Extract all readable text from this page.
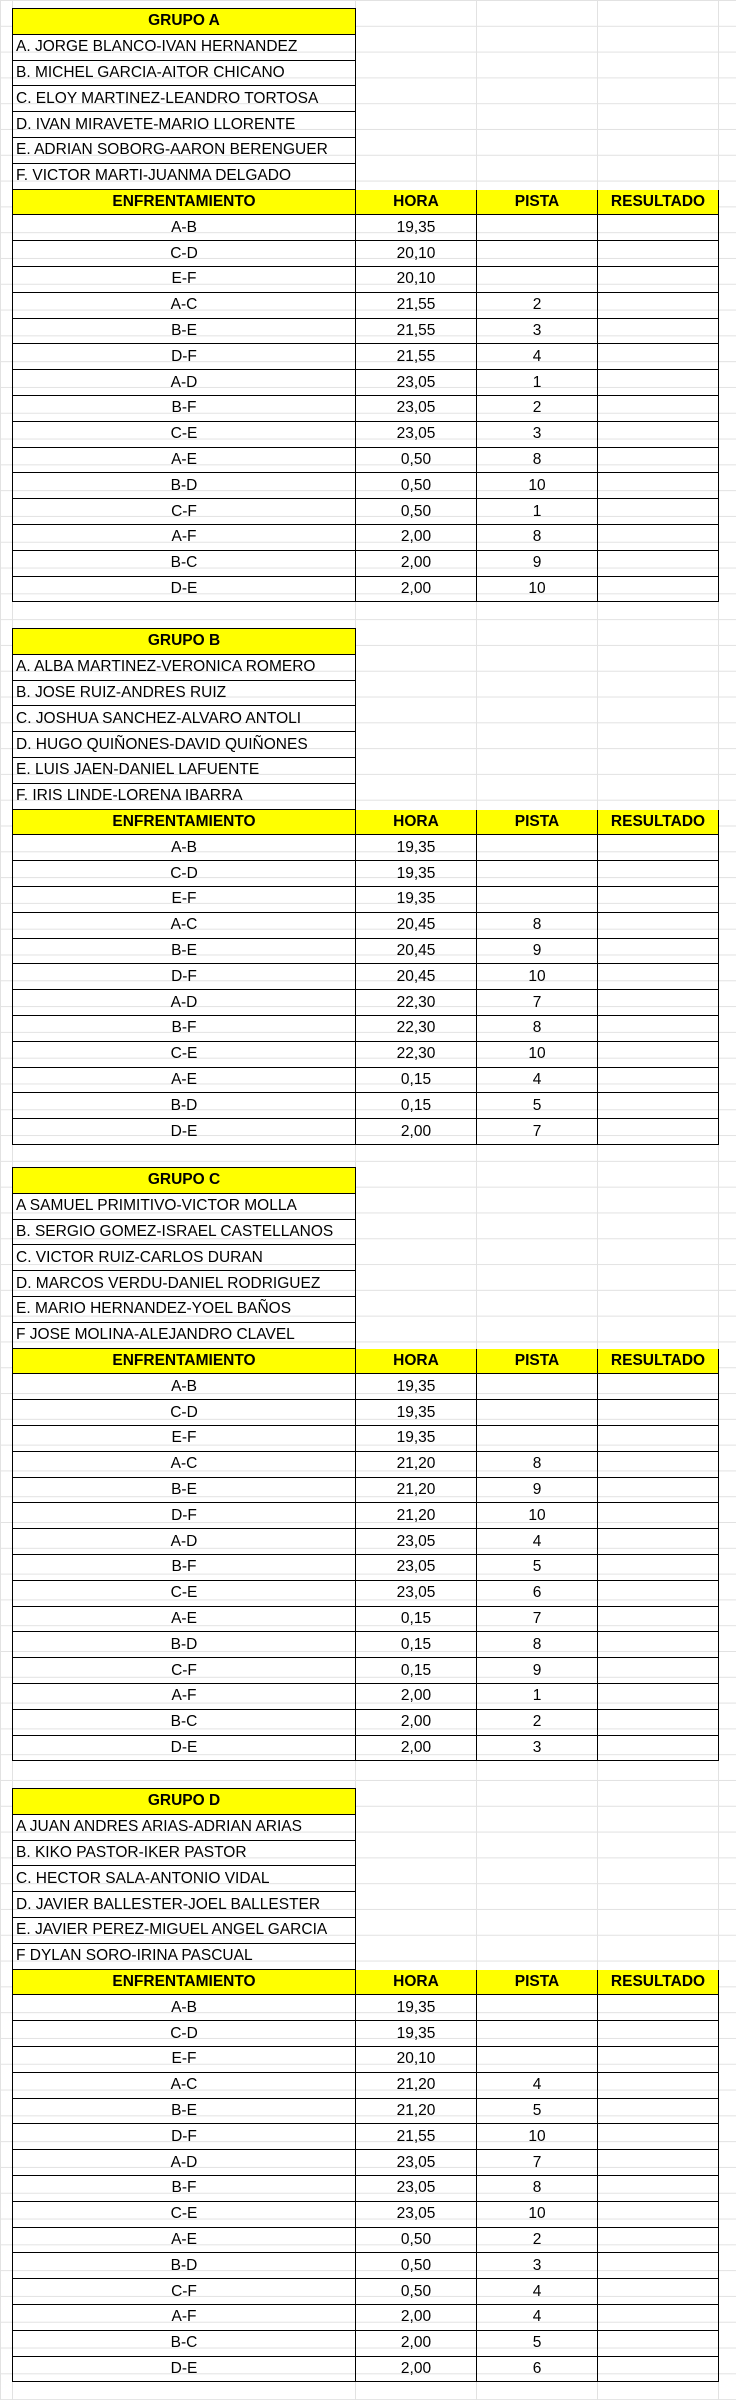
GRUPO A			
A. JORGE BLANCO-IVAN HERNANDEZ			
B. MICHEL GARCIA-AITOR CHICANO			
C. ELOY MARTINEZ-LEANDRO TORTOSA			
D. IVAN MIRAVETE-MARIO LLORENTE			
E. ADRIAN SOBORG-AARON BERENGUER			
F. VICTOR MARTI-JUANMA DELGADO			
ENFRENTAMIENTO	HORA	PISTA	RESULTADO
A-B	19,35		
C-D	20,10		
E-F	20,10		
A-C	21,55	2	
B-E	21,55	3	
D-F	21,55	4	
A-D	23,05	1	
B-F	23,05	2	
C-E	23,05	3	
A-E	0,50	8	
B-D	0,50	10	
C-F	0,50	1	
A-F	2,00	8	
B-C	2,00	9	
D-E	2,00	10	
GRUPO B			
A. ALBA MARTINEZ-VERONICA ROMERO			
B. JOSE RUIZ-ANDRES RUIZ			
C. JOSHUA SANCHEZ-ALVARO ANTOLI			
D. HUGO QUIÑONES-DAVID QUIÑONES			
E. LUIS JAEN-DANIEL LAFUENTE			
F. IRIS LINDE-LORENA IBARRA			
ENFRENTAMIENTO	HORA	PISTA	RESULTADO
A-B	19,35		
C-D	19,35		
E-F	19,35		
A-C	20,45	8	
B-E	20,45	9	
D-F	20,45	10	
A-D	22,30	7	
B-F	22,30	8	
C-E	22,30	10	
A-E	0,15	4	
B-D	0,15	5	
D-E	2,00	7	
GRUPO C			
A SAMUEL PRIMITIVO-VICTOR MOLLA			
B. SERGIO GOMEZ-ISRAEL CASTELLANOS			
C. VICTOR RUIZ-CARLOS DURAN			
D. MARCOS VERDU-DANIEL RODRIGUEZ			
E. MARIO HERNANDEZ-YOEL BAÑOS			
F JOSE MOLINA-ALEJANDRO CLAVEL			
ENFRENTAMIENTO	HORA	PISTA	RESULTADO
A-B	19,35		
C-D	19,35		
E-F	19,35		
A-C	21,20	8	
B-E	21,20	9	
D-F	21,20	10	
A-D	23,05	4	
B-F	23,05	5	
C-E	23,05	6	
A-E	0,15	7	
B-D	0,15	8	
C-F	0,15	9	
A-F	2,00	1	
B-C	2,00	2	
D-E	2,00	3	
GRUPO D			
A JUAN ANDRES ARIAS-ADRIAN ARIAS			
B. KIKO PASTOR-IKER PASTOR			
C. HECTOR SALA-ANTONIO VIDAL			
D. JAVIER BALLESTER-JOEL BALLESTER			
E. JAVIER PEREZ-MIGUEL ANGEL GARCIA			
F DYLAN SORO-IRINA PASCUAL			
ENFRENTAMIENTO	HORA	PISTA	RESULTADO
A-B	19,35		
C-D	19,35		
E-F	20,10		
A-C	21,20	4	
B-E	21,20	5	
D-F	21,55	10	
A-D	23,05	7	
B-F	23,05	8	
C-E	23,05	10	
A-E	0,50	2	
B-D	0,50	3	
C-F	0,50	4	
A-F	2,00	4	
B-C	2,00	5	
D-E	2,00	6	
